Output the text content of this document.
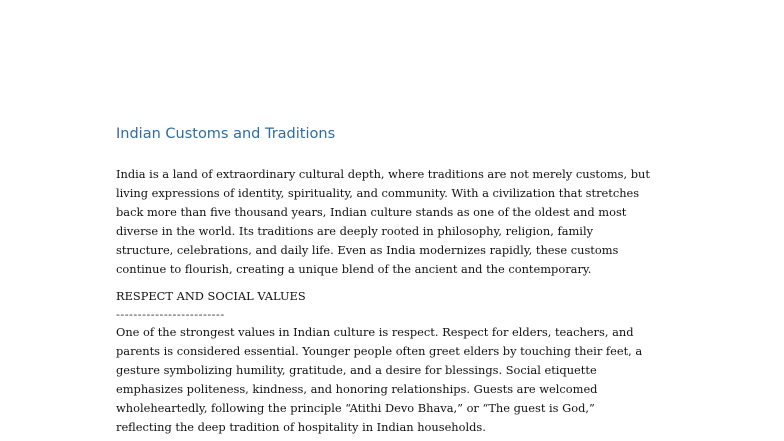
Indian Customs and Traditions
India is a land of extraordinary cultural depth, where traditions are not merely customs, but
living expressions of identity, spirituality, and community. With a civilization that stretches
back more than five thousand years, Indian culture stands as one of the oldest and most
diverse in the world. Its traditions are deeply rooted in philosophy, religion, family
structure, celebrations, and daily life. Even as India modernizes rapidly, these customs
continue to flourish, creating a unique blend of the ancient and the contemporary.
RESPECT AND SOCIAL VALUES
-------------------------
One of the strongest values in Indian culture is respect. Respect for elders, teachers, and
parents is considered essential. Younger people often greet elders by touching their feet, a
gesture symbolizing humility, gratitude, and a desire for blessings. Social etiquette
emphasizes politeness, kindness, and honoring relationships. Guests are welcomed
wholeheartedly, following the principle “Atithi Devo Bhava,” or “The guest is God,”
reflecting the deep tradition of hospitality in Indian households.
